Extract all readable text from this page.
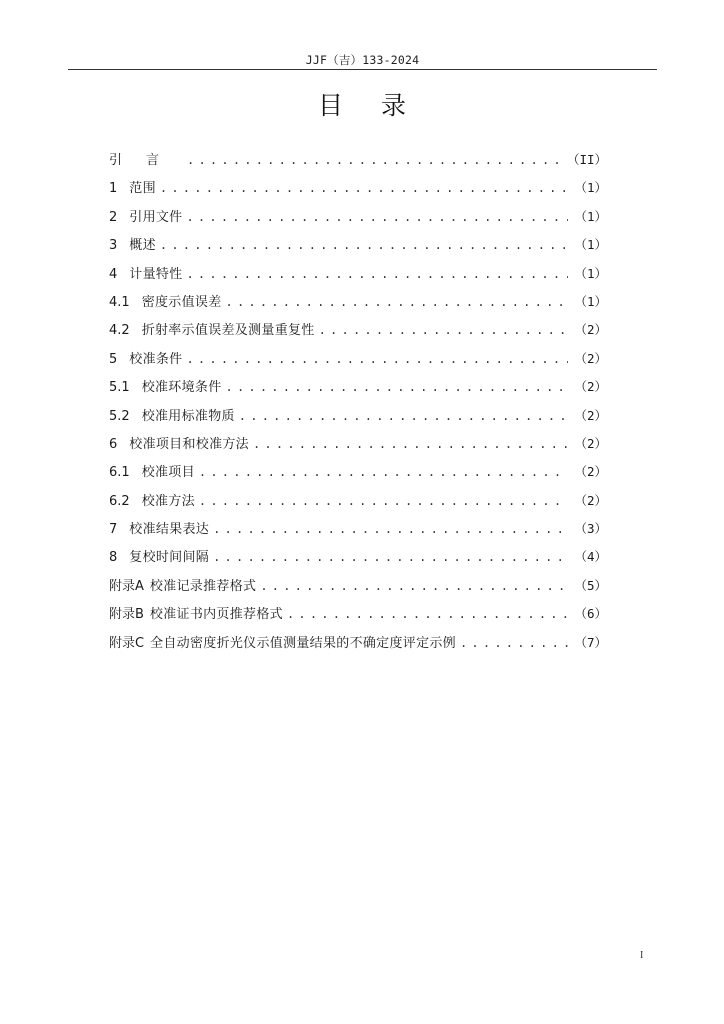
JJF（吉）133-2024
目录
引言 . . .	（II）
1 范围 . . .	（1）
2 引用文件 . . .	（1）
3 概述 . . .	（1）
4 计量特性 . . .	（1）
4.1 密度示值误差 . . .	（1）
4.2 折射率示值误差及测量重复性 . . .	（2）
5 校准条件 . . .	（2）
5.1 校准环境条件 . . .	（2）
5.2 校准用标准物质 . . .	（2）
6 校准项目和校准方法 . . .	（2）
6.1 校准项目 . . .	（2）
6.2 校准方法 . . .	（2）
7 校准结果表达 . . .	（3）
8 复校时间间隔 . . .	（4）
附录A 校准记录推荐格式 . . .	（5）
附录B 校准证书内页推荐格式 . . .	（6）
附录C 全自动密度折光仪示值测量结果的不确定度评定示例 . . .	（7）
I
